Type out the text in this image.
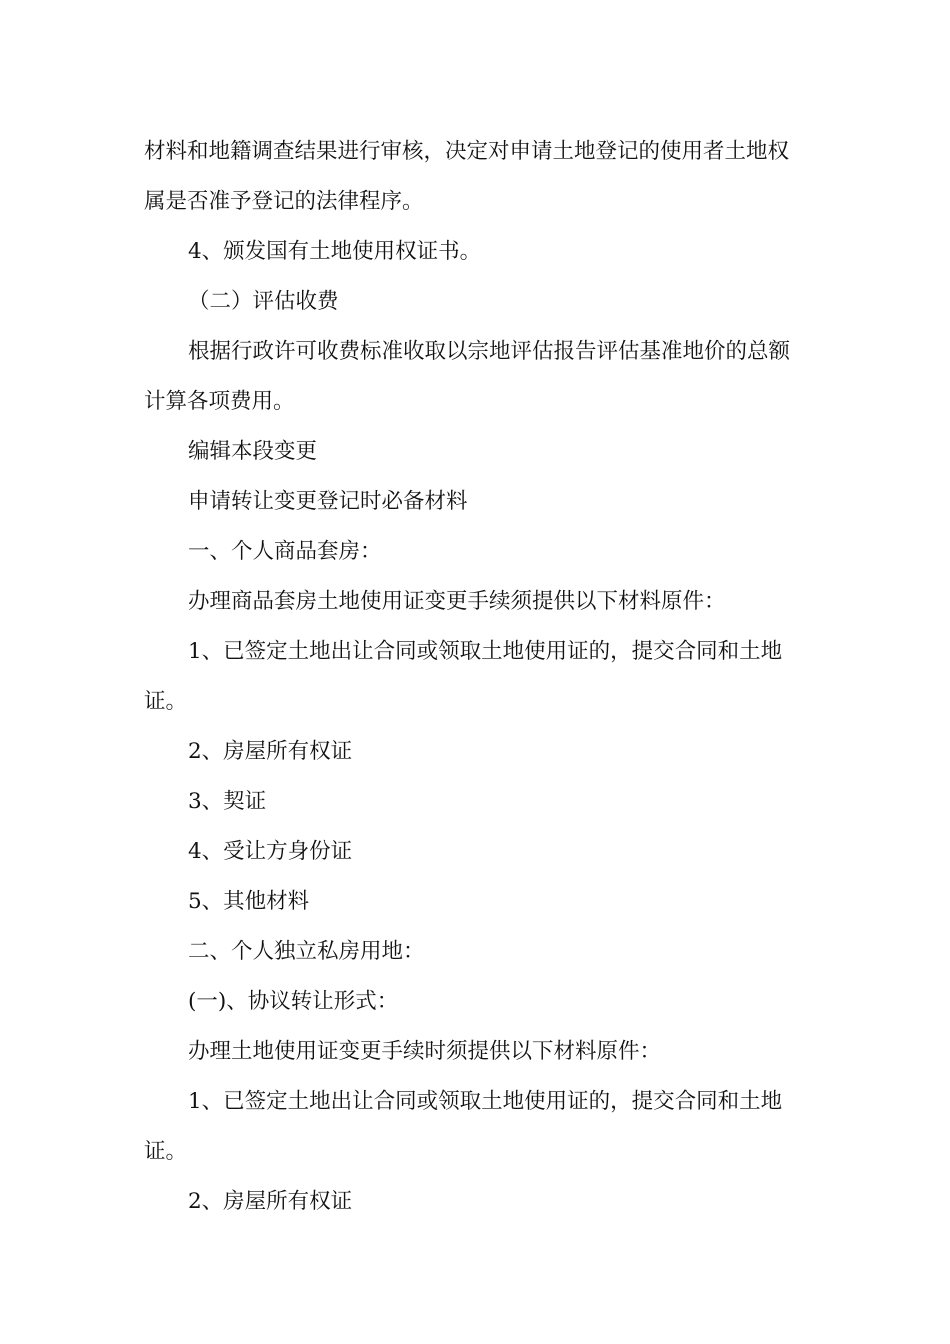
材料和地籍调查结果进行审核，决定对申请土地登记的使用者土地权属是否准予登记的法律程序。

4、颁发国有土地使用权证书。

（二）评估收费

根据行政许可收费标准收取以宗地评估报告评估基准地价的总额计算各项费用。

编辑本段变更

申请转让变更登记时必备材料

一、个人商品套房：

办理商品套房土地使用证变更手续须提供以下材料原件：

1、已签定土地出让合同或领取土地使用证的，提交合同和土地证。

2、房屋所有权证

3、契证

4、受让方身份证

5、其他材料

二、个人独立私房用地：

(一)、协议转让形式：

办理土地使用证变更手续时须提供以下材料原件：

1、已签定土地出让合同或领取土地使用证的，提交合同和土地证。

2、房屋所有权证
